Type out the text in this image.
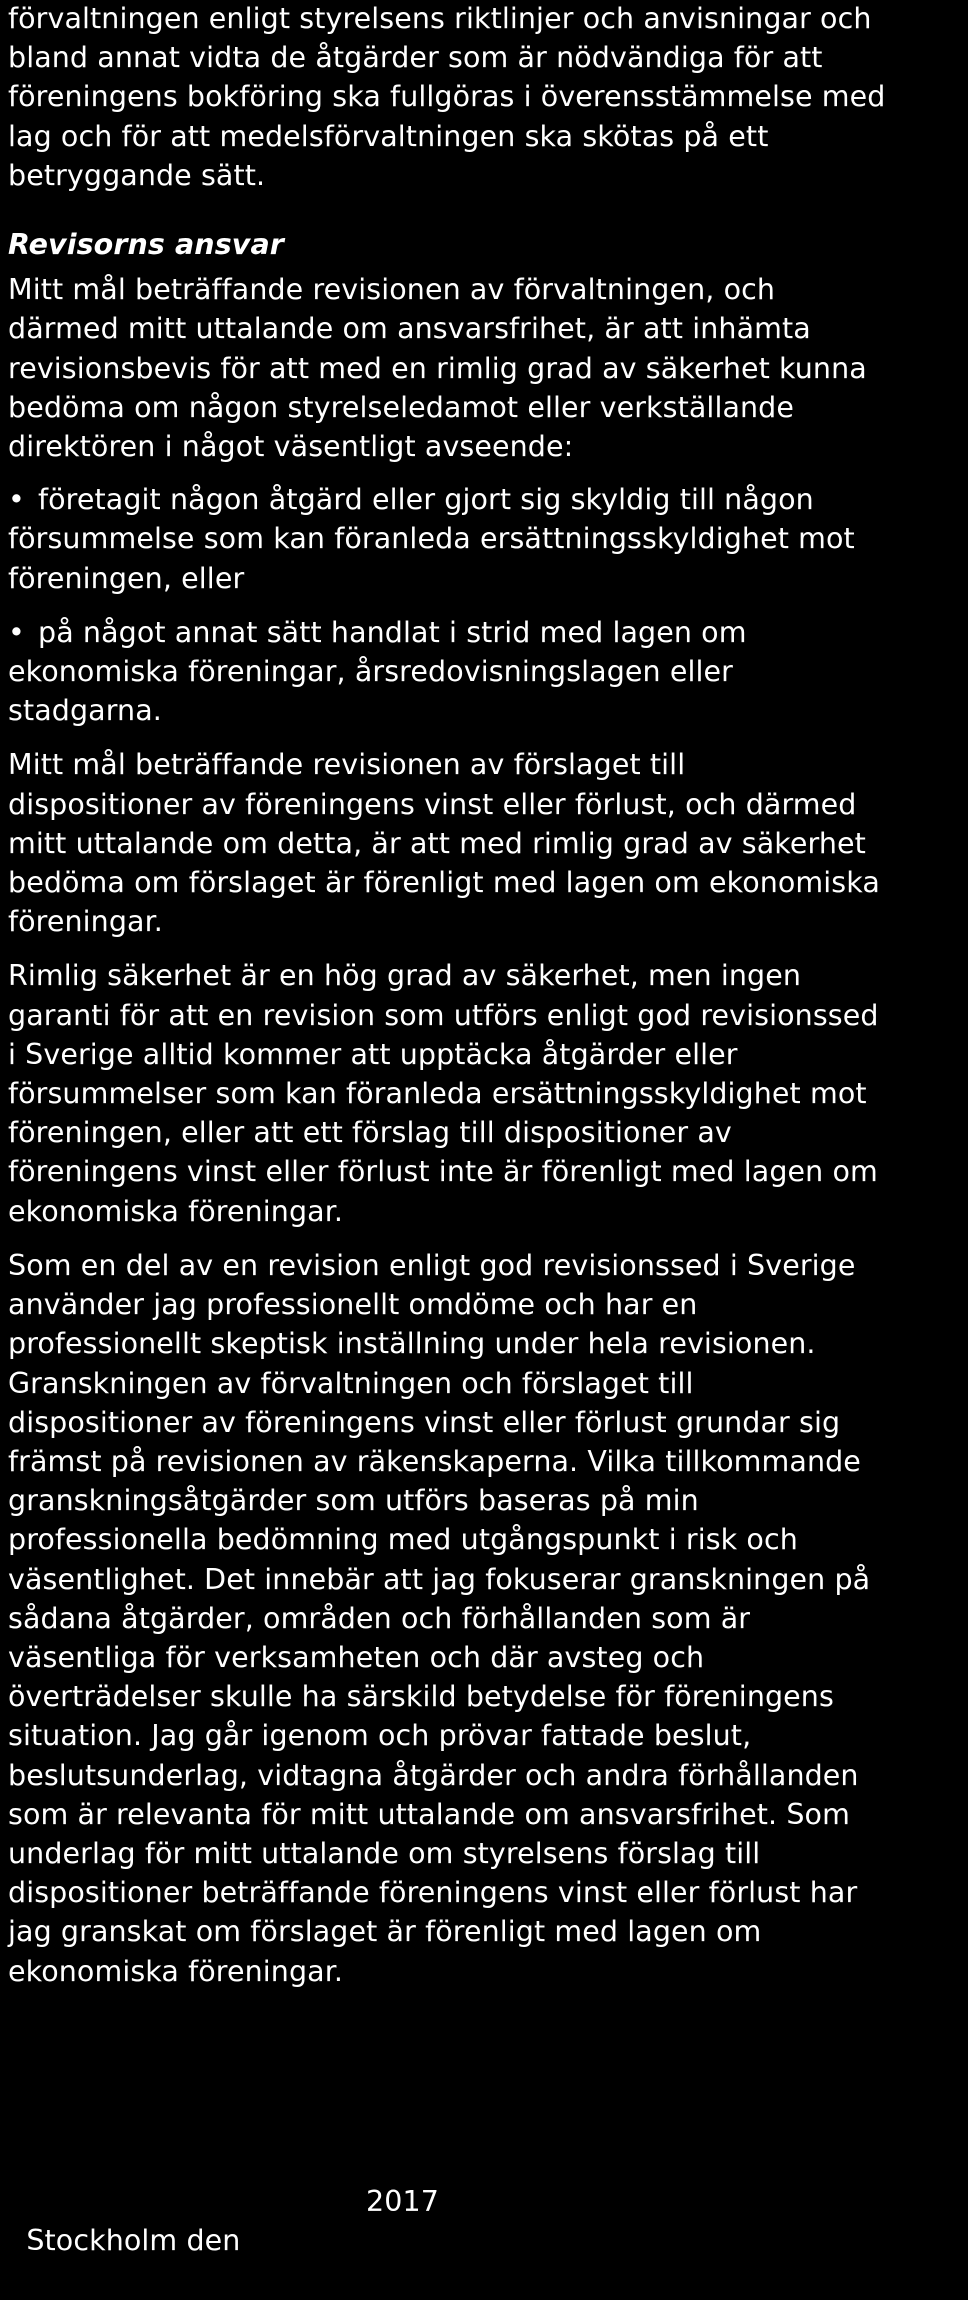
förvaltningen enligt styrelsens riktlinjer och anvisningar och
bland annat vidta de åtgärder som är nödvändiga för att
föreningens bokföring ska fullgöras i överensstämmelse med
lag och för att medelsförvaltningen ska skötas på ett
betryggande sätt.

Revisorns ansvar

Mitt mål beträffande revisionen av förvaltningen, och
därmed mitt uttalande om ansvarsfrihet, är att inhämta
revisionsbevis för att med en rimlig grad av säkerhet kunna
bedöma om någon styrelseledamot eller verkställande
direktören i något väsentligt avseende:

• företagit någon åtgärd eller gjort sig skyldig till någon
försummelse som kan föranleda ersättningsskyldighet mot
föreningen, eller

• på något annat sätt handlat i strid med lagen om
ekonomiska föreningar, årsredovisningslagen eller
stadgarna.

Mitt mål beträffande revisionen av förslaget till
dispositioner av föreningens vinst eller förlust, och därmed
mitt uttalande om detta, är att med rimlig grad av säkerhet
bedöma om förslaget är förenligt med lagen om ekonomiska
föreningar.

Rimlig säkerhet är en hög grad av säkerhet, men ingen
garanti för att en revision som utförs enligt god revisionssed
i Sverige alltid kommer att upptäcka åtgärder eller
försummelser som kan föranleda ersättningsskyldighet mot
föreningen, eller att ett förslag till dispositioner av
föreningens vinst eller förlust inte är förenligt med lagen om
ekonomiska föreningar.

Som en del av en revision enligt god revisionssed i Sverige
använder jag professionellt omdöme och har en
professionellt skeptisk inställning under hela revisionen.
Granskningen av förvaltningen och förslaget till
dispositioner av föreningens vinst eller förlust grundar sig
främst på revisionen av räkenskaperna. Vilka tillkommande
granskningsåtgärder som utförs baseras på min
professionella bedömning med utgångspunkt i risk och
väsentlighet. Det innebär att jag fokuserar granskningen på
sådana åtgärder, områden och förhållanden som är
väsentliga för verksamheten och där avsteg och
överträdelser skulle ha särskild betydelse för föreningens
situation. Jag går igenom och prövar fattade beslut,
beslutsunderlag, vidtagna åtgärder och andra förhållanden
som är relevanta för mitt uttalande om ansvarsfrihet. Som
underlag för mitt uttalande om styrelsens förslag till
dispositioner beträffande föreningens vinst eller förlust har
jag granskat om förslaget är förenligt med lagen om
ekonomiska föreningar.

Stockholm den

2017
